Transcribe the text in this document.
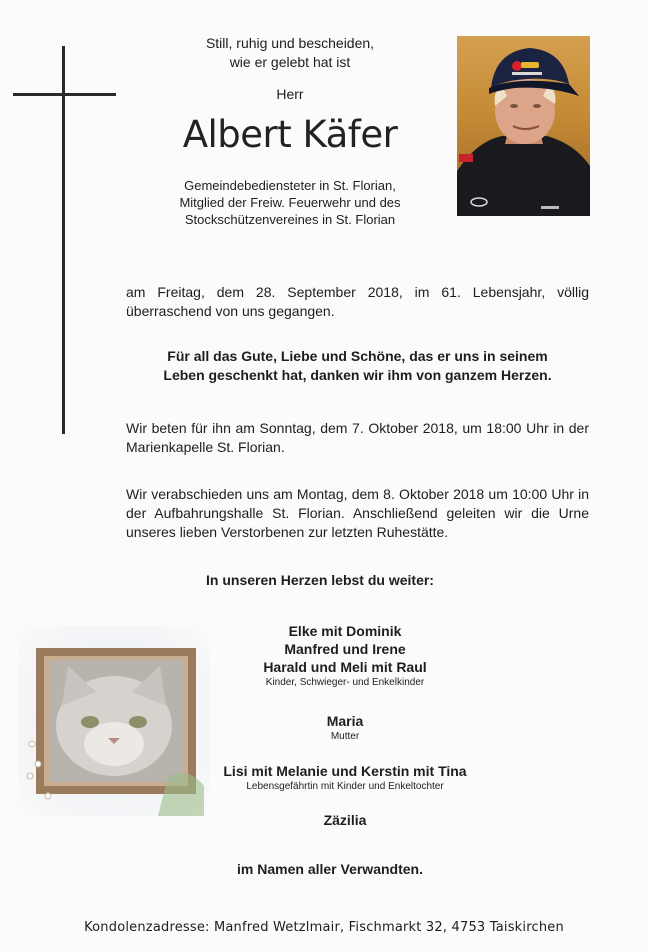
Still, ruhig und bescheiden,
wie er gelebt hat ist
Herr
Albert Käfer
Gemeindebediensteter in St. Florian,
Mitglied der Freiw. Feuerwehr und des
Stockschützenvereines in St. Florian
am Freitag, dem 28. September 2018, im 61. Lebensjahr, völlig überraschend von uns gegangen.
Für all das Gute, Liebe und Schöne, das er uns in seinem
Leben geschenkt hat, danken wir ihm von ganzem Herzen.
Wir beten für ihn am Sonntag, dem 7. Oktober 2018, um 18:00 Uhr in der Marienkapelle St. Florian.
Wir verabschieden uns am Montag, dem 8. Oktober 2018 um 10:00 Uhr in der Aufbahrungshalle St. Florian. Anschließend geleiten wir die Urne unseres lieben Verstorbenen zur letzten Ruhestätte.
In unseren Herzen lebst du weiter:
Elke mit Dominik
Manfred und Irene
Harald und Meli mit Raul
Kinder, Schwieger- und Enkelkinder
Maria
Mutter
Lisi mit Melanie und Kerstin mit Tina
Lebensgefährtin mit Kinder und Enkeltochter
Zäzilia
im Namen aller Verwandten.
Kondolenzadresse: Manfred Wetzlmair, Fischmarkt 32, 4753 Taiskirchen
